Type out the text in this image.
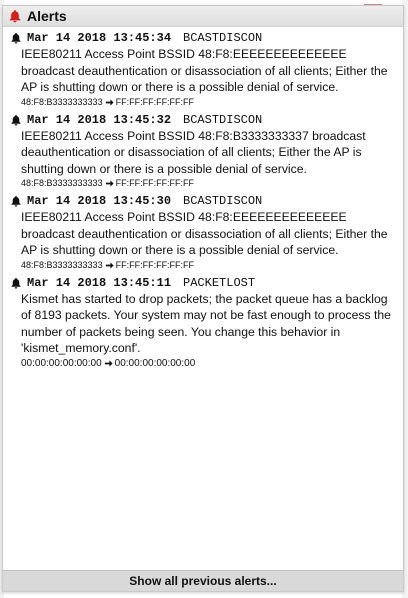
Alerts
Mar 14 2018 13:45:34 BCASTDISCON
IEEE80211 Access Point BSSID 48:F8:EEEEEEEEEEEEEE broadcast deauthentication or disassociation of all clients; Either the AP is shutting down or there is a possible denial of service.
48:F8:B3333333333 FF:FF:FF:FF:FF:FF
Mar 14 2018 13:45:32 BCASTDISCON
IEEE80211 Access Point BSSID 48:F8:B3333333337 broadcast deauthentication or disassociation of all clients; Either the AP is shutting down or there is a possible denial of service.
48:F8:B3333333333 FF:FF:FF:FF:FF:FF
Mar 14 2018 13:45:30 BCASTDISCON
IEEE80211 Access Point BSSID 48:F8:EEEEEEEEEEEEEE broadcast deauthentication or disassociation of all clients; Either the AP is shutting down or there is a possible denial of service.
48:F8:B3333333333 FF:FF:FF:FF:FF:FF
Mar 14 2018 13:45:11 PACKETLOST
Kismet has started to drop packets; the packet queue has a backlog of 8193 packets. Your system may not be fast enough to process the number of packets being seen. You change this behavior in 'kismet_memory.conf'.
00:00:00:00:00:00 00:00:00:00:00:00
Show all previous alerts...
